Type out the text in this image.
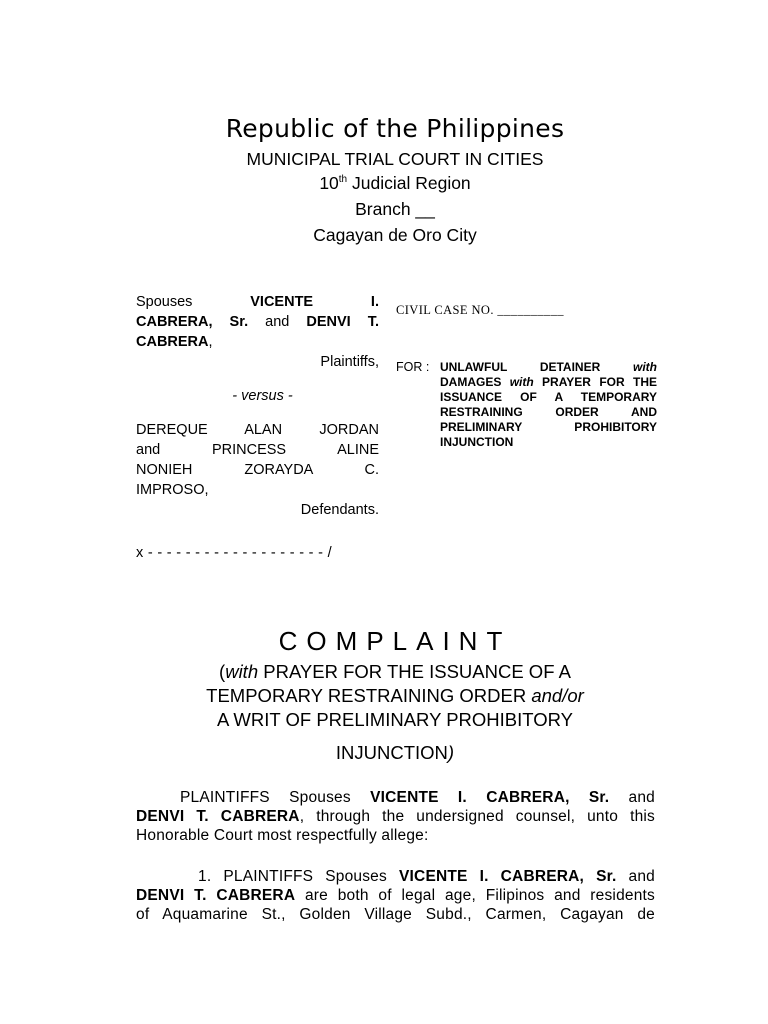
Republic of the Philippines
MUNICIPAL TRIAL COURT IN CITIES
10th Judicial Region
Branch __
Cagayan de Oro City
Spouses VICENTE I.
CABRERA, Sr. and DENVI T.
CABRERA,
Plaintiffs,
- versus -
DEREQUE ALAN JORDAN
and PRINCESS ALINE
NONIEH ZORAYDA C.
IMPROSO,
Defendants.
x - - - - - - - - - - - - - - - - - - - /
CIVIL CASE NO. __________
FOR : UNLAWFUL DETAINER with
DAMAGES with PRAYER FOR THE
ISSUANCE OF A TEMPORARY
RESTRAINING ORDER AND
PRELIMINARY PROHIBITORY
INJUNCTION
COMPLAINT
(with PRAYER FOR THE ISSUANCE OF A
TEMPORARY RESTRAINING ORDER and/or
A WRIT OF PRELIMINARY PROHIBITORY
INJUNCTION)
PLAINTIFFS Spouses VICENTE I. CABRERA, Sr. and
DENVI T. CABRERA, through the undersigned counsel, unto this
Honorable Court most respectfully allege:
1. PLAINTIFFS Spouses VICENTE I. CABRERA, Sr. and
DENVI T. CABRERA are both of legal age, Filipinos and residents
of Aquamarine St., Golden Village Subd., Carmen, Cagayan de
